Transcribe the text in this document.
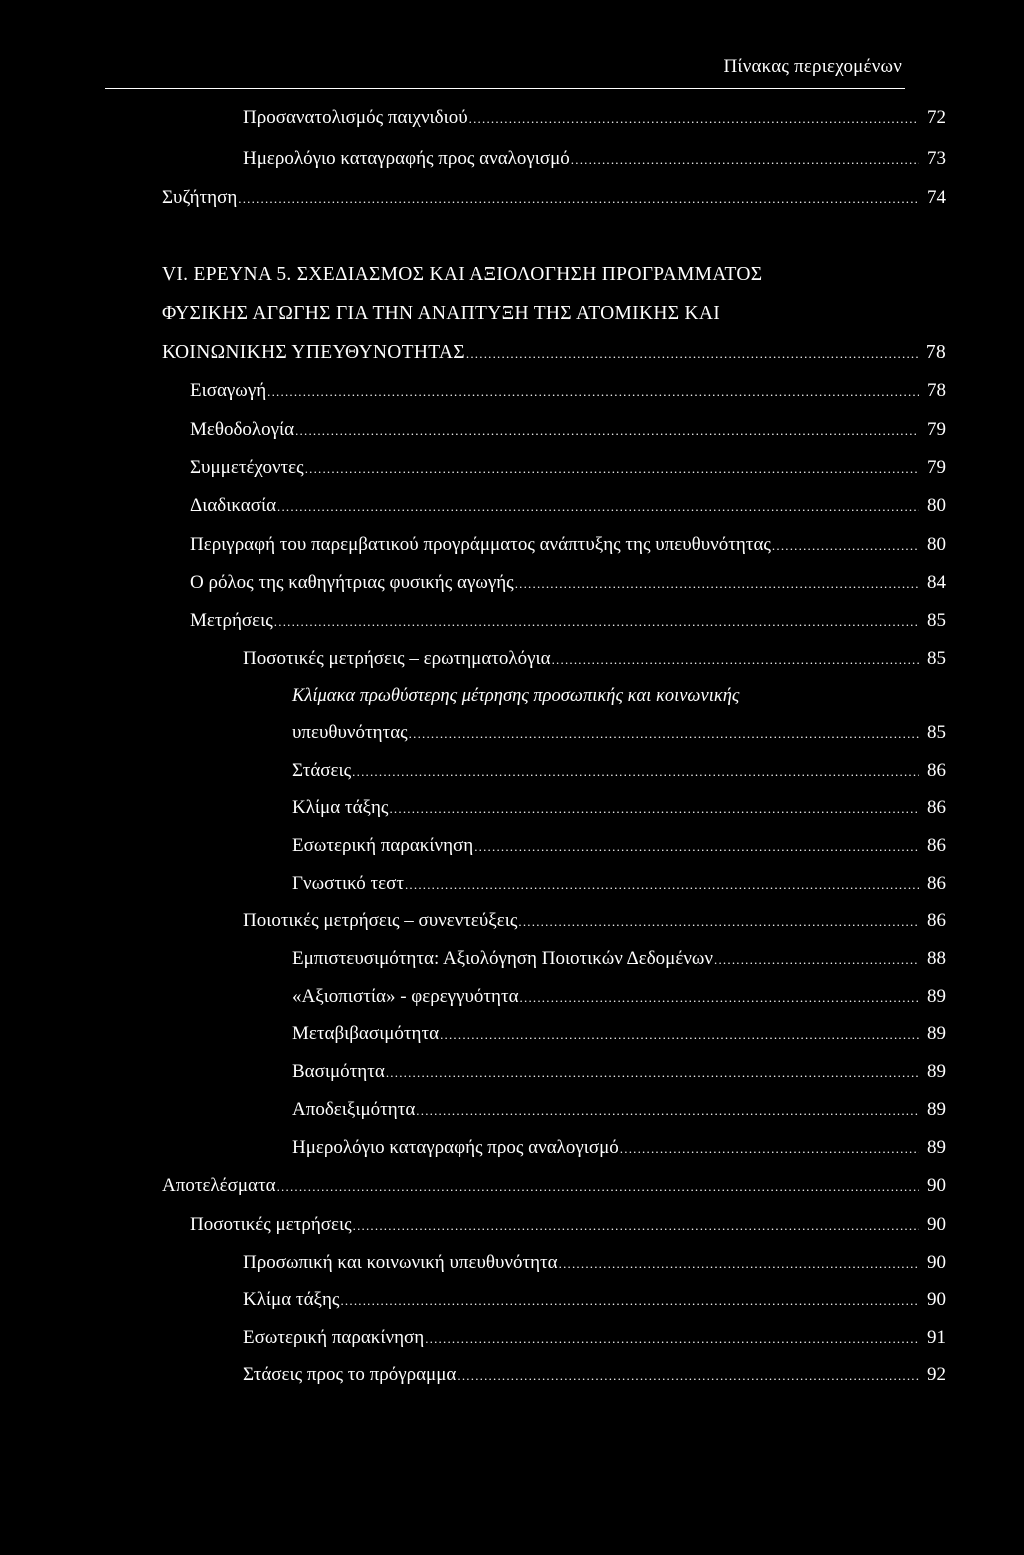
Πίνακας περιεχομένων
Προσανατολισμός παιχνιδιού .....	72
Ημερολόγιο καταγραφής προς αναλογισμό .....	73
Συζήτηση .....	74
VI. ΕΡΕΥΝΑ 5. ΣΧΕΔΙΑΣΜΟΣ ΚΑΙ ΑΞΙΟΛΟΓΗΣΗ ΠΡΟΓΡΑΜΜΑΤΟΣ
ΦΥΣΙΚΗΣ ΑΓΩΓΗΣ ΓΙΑ ΤΗΝ ΑΝΑΠΤΥΞΗ ΤΗΣ ΑΤΟΜΙΚΗΣ ΚΑΙ
ΚΟΙΝΩΝΙΚΗΣ ΥΠΕΥΘΥΝΟΤΗΤΑΣ .....	78
Εισαγωγή .....	78
Μεθοδολογία .....	79
Συμμετέχοντες .....	79
Διαδικασία .....	80
Περιγραφή του παρεμβατικού προγράμματος ανάπτυξης της υπευθυνότητας .....	80
Ο ρόλος της καθηγήτριας φυσικής αγωγής .....	84
Μετρήσεις .....	85
Ποσοτικές μετρήσεις – ερωτηματολόγια .....	85
Κλίμακα πρωθύστερης μέτρησης προσωπικής και κοινωνικής
υπευθυνότητας .....	85
Στάσεις .....	86
Κλίμα τάξης .....	86
Εσωτερική παρακίνηση .....	86
Γνωστικό τεστ .....	86
Ποιοτικές μετρήσεις – συνεντεύξεις .....	86
Εμπιστευσιμότητα: Αξιολόγηση Ποιοτικών Δεδομένων .....	88
«Αξιοπιστία» - φερεγγυότητα .....	89
Μεταβιβασιμότητα .....	89
Βασιμότητα .....	89
Αποδειξιμότητα .....	89
Ημερολόγιο καταγραφής προς αναλογισμό .....	89
Αποτελέσματα .....	90
Ποσοτικές μετρήσεις .....	90
Προσωπική και κοινωνική υπευθυνότητα .....	90
Κλίμα τάξης .....	90
Εσωτερική παρακίνηση .....	91
Στάσεις προς το πρόγραμμα .....	92
